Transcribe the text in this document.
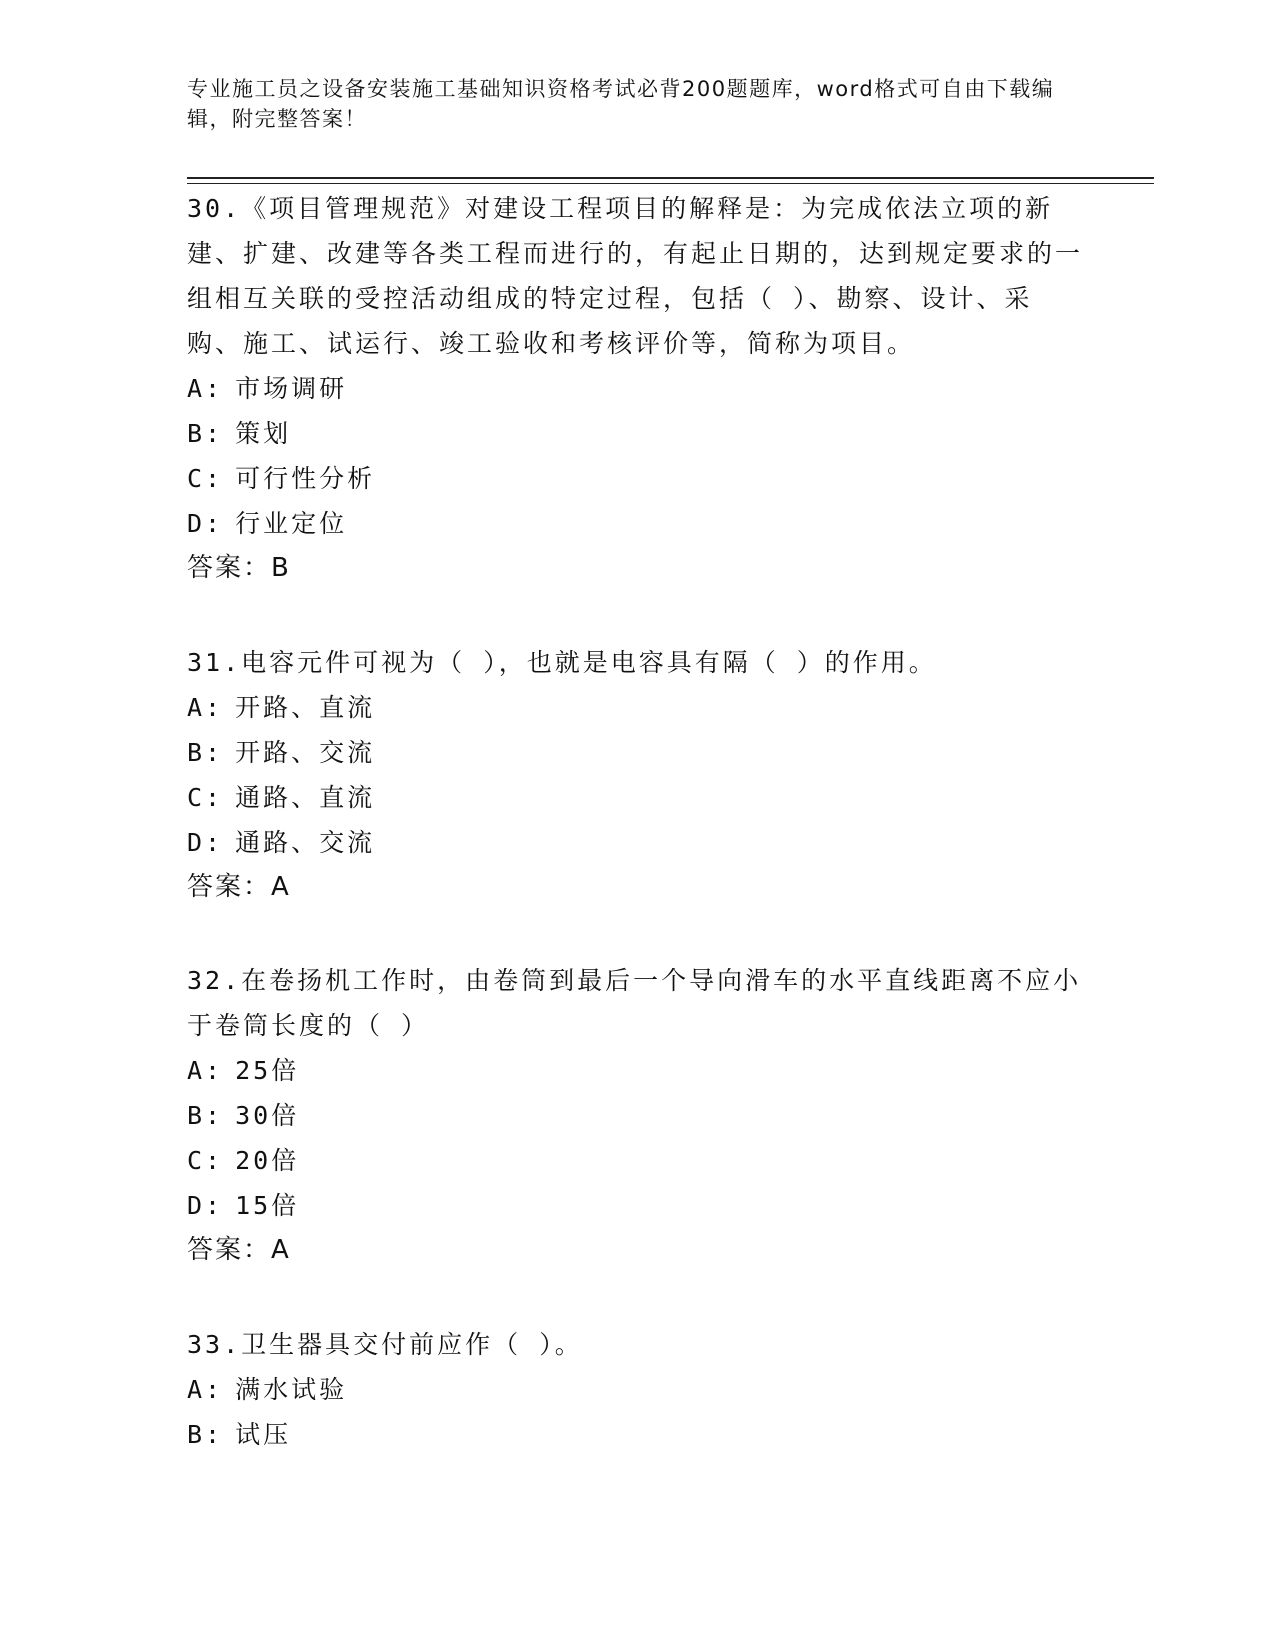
专业施工员之设备安装施工基础知识资格考试必背200题题库，word格式可自由下载编辑，附完整答案！

30.《项目管理规范》对建设工程项目的解释是：为完成依法立项的新建、扩建、改建等各类工程而进行的，有起止日期的，达到规定要求的一组相互关联的受控活动组成的特定过程，包括（ ）、勘察、设计、采购、施工、试运行、竣工验收和考核评价等，简称为项目。

A: 市场调研

B: 策划

C: 可行性分析

D: 行业定位

答案：B

31.电容元件可视为（ ），也就是电容具有隔（ ）的作用。

A: 开路、直流

B: 开路、交流

C: 通路、直流

D: 通路、交流

答案：A

32.在卷扬机工作时，由卷筒到最后一个导向滑车的水平直线距离不应小于卷筒长度的（ ）

A: 25倍

B: 30倍

C: 20倍

D: 15倍

答案：A

33.卫生器具交付前应作（ ）。

A: 满水试验

B: 试压
